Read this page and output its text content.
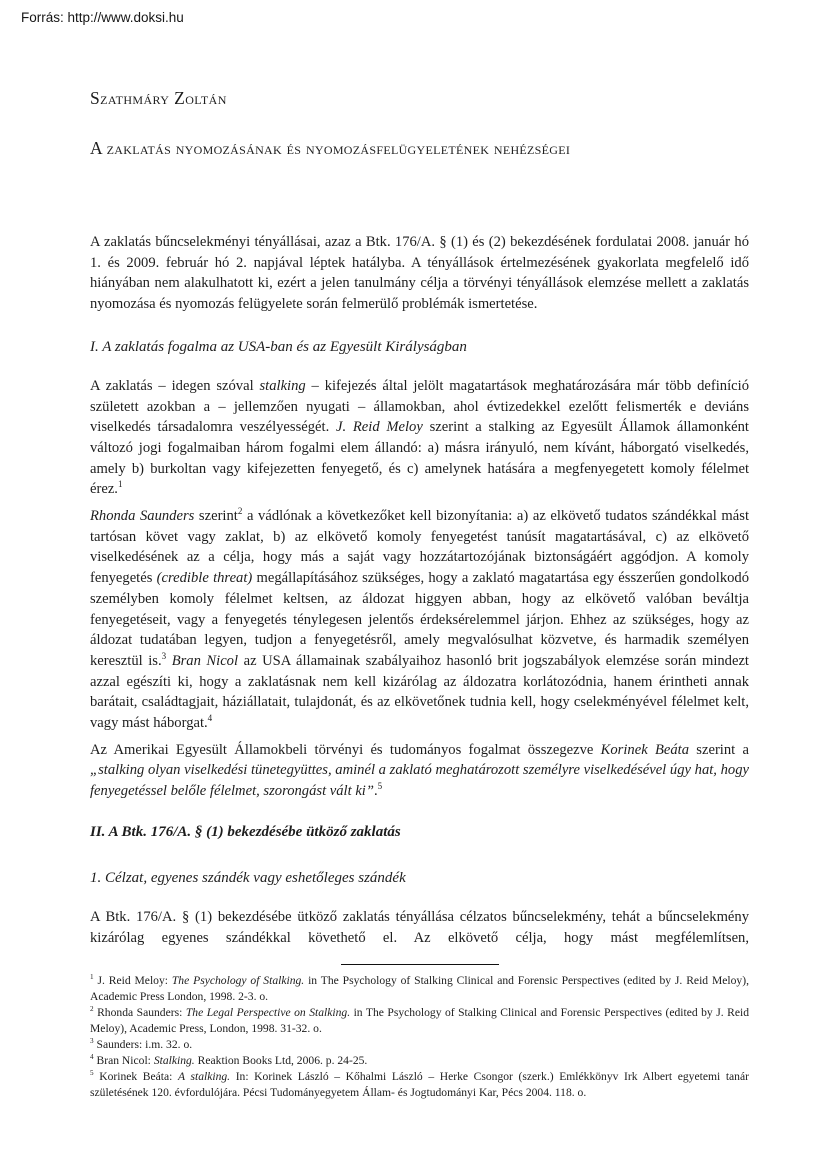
Forrás: http://www.doksi.hu
Szathmáry Zoltán
A zaklatás nyomozásának és nyomozásfelügyeletének nehézségei

A zaklatás bűncselekményi tényállásai, azaz a Btk. 176/A. § (1) és (2) bekezdésének fordulatai 2008. január hó 1. és 2009. február hó 2. napjával léptek hatályba. A tényállások értelmezésének gyakorlata megfelelő idő hiányában nem alakulhatott ki, ezért a jelen tanulmány célja a törvényi tényállások elemzése mellett a zaklatás nyomozása és nyomozás felügyelete során felmerülő problémák ismertetése.

I. A zaklatás fogalma az USA-ban és az Egyesült Királyságban

A zaklatás – idegen szóval stalking – kifejezés által jelölt magatartások meghatározására már több definíció született azokban a – jellemzően nyugati – államokban, ahol évtizedekkel ezelőtt felismerték e deviáns viselkedés társadalomra veszélyességét. J. Reid Meloy szerint a stalking az Egyesült Államok államonként változó jogi fogalmaiban három fogalmi elem állandó: a) másra irányuló, nem kívánt, háborgató viselkedés, amely b) burkoltan vagy kifejezetten fenyegető, és c) amelynek hatására a megfenyegetett komoly félelmet érez.$^1$

Rhonda Saunders szerint$^2$ a vádlónak a következőket kell bizonyítania: a) az elkövető tudatos szándékkal mást tartósan követ vagy zaklat, b) az elkövető komoly fenyegetést tanúsít magatartásával, c) az elkövető viselkedésének az a célja, hogy más a saját vagy hozzátartozójának biztonságáért aggódjon. A komoly fenyegetés (credible threat) megállapításához szükséges, hogy a zaklató magatartása egy ésszerűen gondolkodó személyben komoly félelmet keltsen, az áldozat higgyen abban, hogy az elkövető valóban beváltja fenyegetéseit, vagy a fenyegetés ténylegesen jelentős érdeksérelemmel járjon. Ehhez az szükséges, hogy az áldozat tudatában legyen, tudjon a fenyegetésről, amely megvalósulhat közvetve, és harmadik személyen keresztül is.$^3$ Bran Nicol az USA államainak szabályaihoz hasonló brit jogszabályok elemzése során mindezt azzal egészíti ki, hogy a zaklatásnak nem kell kizárólag az áldozatra korlátozódnia, hanem érintheti annak barátait, családtagjait, háziállatait, tulajdonát, és az elkövetőnek tudnia kell, hogy cselekményével félelmet kelt, vagy mást háborgat.$^4$

Az Amerikai Egyesült Államokbeli törvényi és tudományos fogalmat összegezve Korinek Beáta szerint a „stalking olyan viselkedési tünetegyüttes, aminél a zaklató meghatározott személyre viselkedésével úgy hat, hogy fenyegetéssel belőle félelmet, szorongást vált ki”.$^5$

II. A Btk. 176/A. § (1) bekezdésébe ütköző zaklatás
1. Célzat, egyenes szándék vagy eshetőleges szándék

A Btk. 176/A. § (1) bekezdésébe ütköző zaklatás tényállása célzatos bűncselekmény, tehát a bűncselekmény kizárólag egyenes szándékkal követhető el. Az elkövető célja, hogy mást megfélemlítsen,

$^1$ J. Reid Meloy: The Psychology of Stalking. in The Psychology of Stalking Clinical and Forensic Perspectives (edited by J. Reid Meloy), Academic Press London, 1998. 2-3. o.

$^2$ Rhonda Saunders: The Legal Perspective on Stalking. in The Psychology of Stalking Clinical and Forensic Perspectives (edited by J. Reid Meloy), Academic Press, London, 1998. 31-32. o.

$^3$ Saunders: i.m. 32. o.

$^4$ Bran Nicol: Stalking. Reaktion Books Ltd, 2006. p. 24-25.

$^5$ Korinek Beáta: A stalking. In: Korinek László – Kőhalmi László – Herke Csongor (szerk.) Emlékkönyv Irk Albert egyetemi tanár születésének 120. évfordulójára. Pécsi Tudományegyetem Állam- és Jogtudományi Kar, Pécs 2004. 118. o.
